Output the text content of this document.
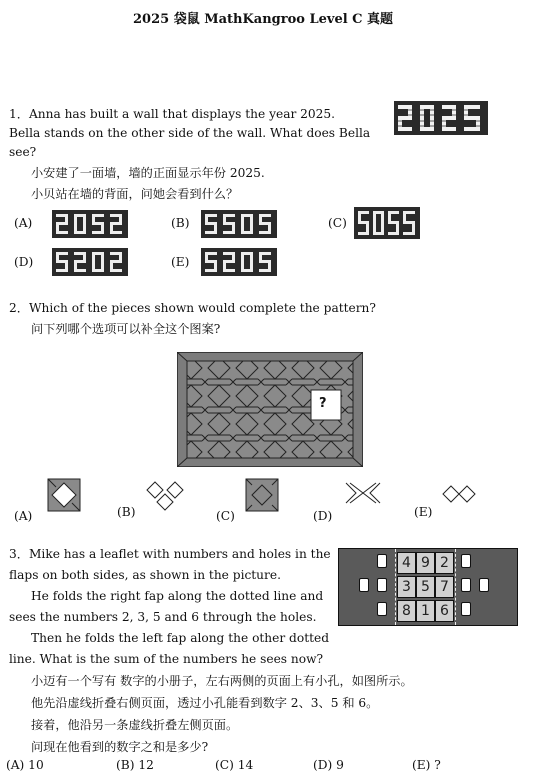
2025 袋鼠 MathKangroo Level C 真题
1．Anna has built a wall that displays the year 2025.
Bella stands on the other side of the wall. What does Bella
see?
小安建了一面墙，墙的正面显示年份 2025.
小贝站在墙的背面，问她会看到什么？
(A)	(B)	(C)
(D)	(E)
2．Which of the pieces shown would complete the pattern?
问下列哪个选项可以补全这个图案?
?
(A)	(B)	(C)	(D)	(E)
3．Mike has a leaflet with numbers and holes in the
flaps on both sides, as shown in the picture.
He folds the right fap along the dotted line and
sees the numbers 2, 3, 5 and 6 through the holes.
Then he folds the left fap along the other dotted
line. What is the sum of the numbers he sees now?
小迈有一个写有 数字的小册子，左右两侧的页面上有小孔，如图所示。
他先沿虚线折叠右侧页面，透过小孔能看到数字 2、3、5 和 6。
接着，他沿另一条虚线折叠左侧页面。
问现在他看到的数字之和是多少?
4 9 2
3 5 7
8 1 6
(A) 10	(B) 12	(C) 14	(D) 9	(E) ?
